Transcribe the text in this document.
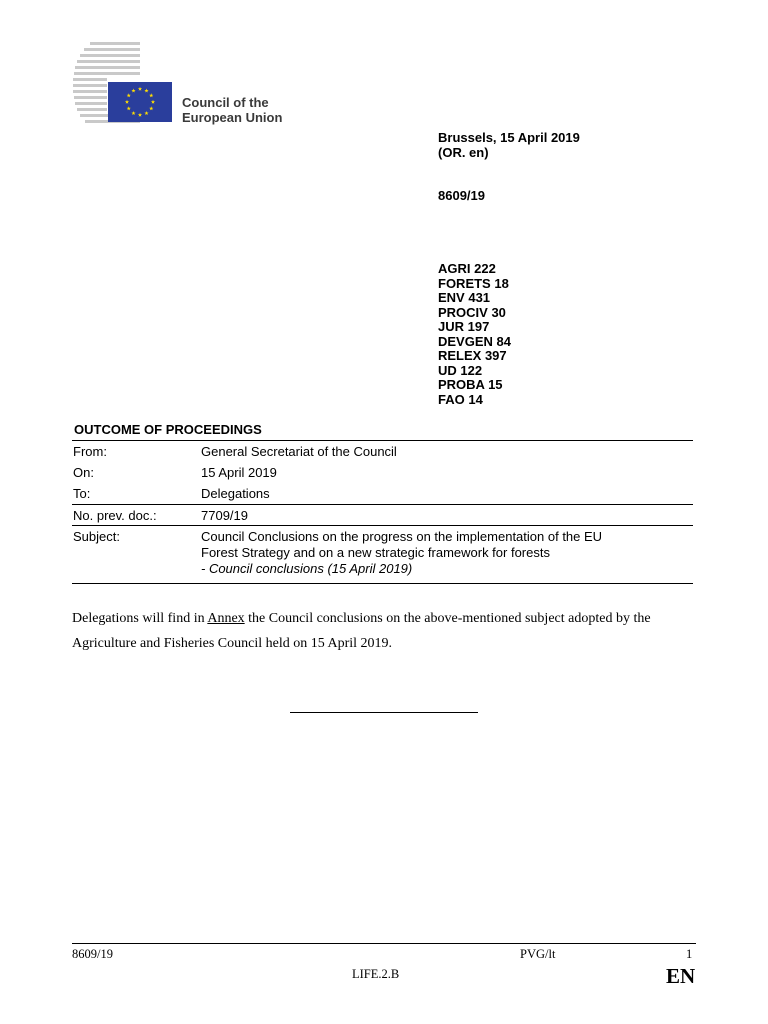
Council of the
European Union
Brussels, 15 April 2019
(OR. en)
8609/19
AGRI 222
FORETS 18
ENV 431
PROCIV 30
JUR 197
DEVGEN 84
RELEX 397
UD 122
PROBA 15
FAO 14
OUTCOME OF PROCEEDINGS
From:	General Secretariat of the Council
On:	15 April 2019
To:	Delegations
No. prev. doc.:	7709/19
Subject:	Council Conclusions on the progress on the implementation of the EU
Forest Strategy and on a new strategic framework for forests
- Council conclusions (15 April 2019)
Delegations will find in Annex the Council conclusions on the above-mentioned subject adopted by the Agriculture and Fisheries Council held on 15 April 2019.
8609/19	PVG/lt	1
LIFE.2.B	EN
